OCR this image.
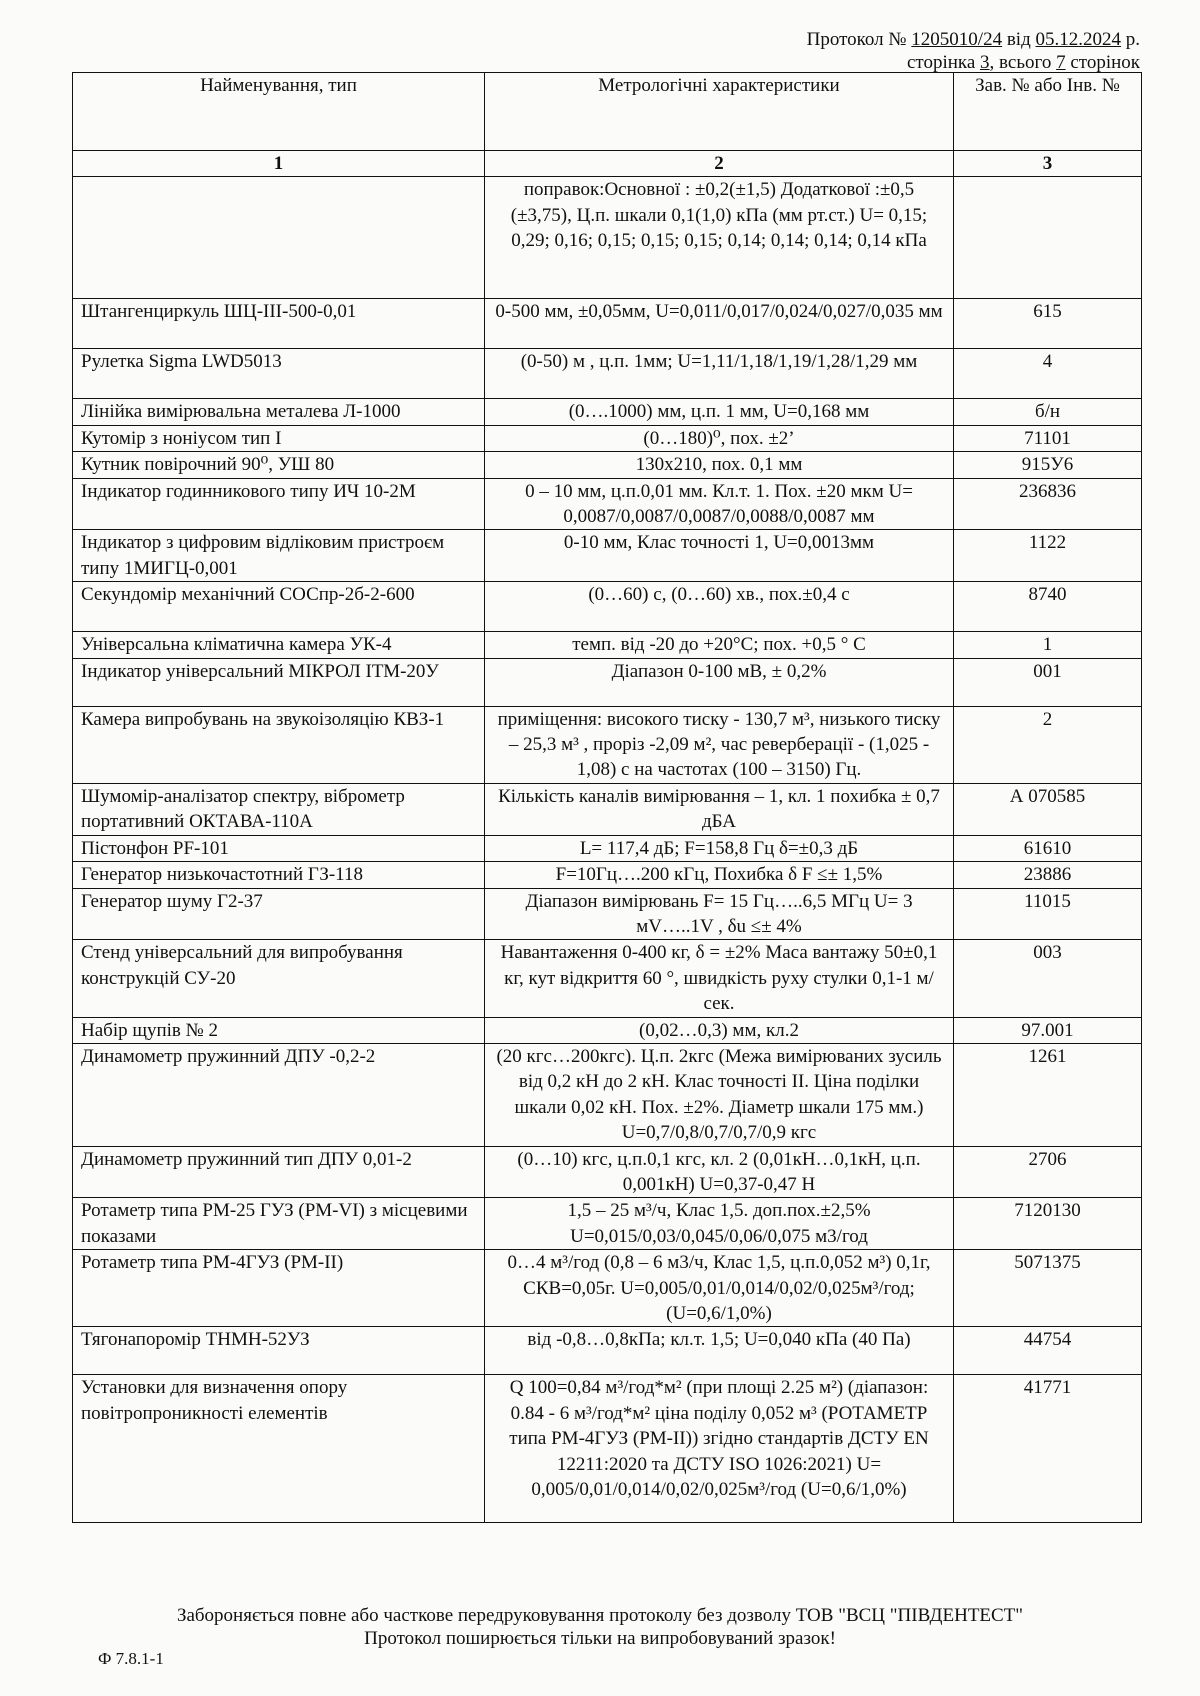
Протокол № 1205010/24 від 05.12.2024 р.
сторінка 3, всього 7 сторінок
Найменування, тип	Метрологічні характеристики	Зав. № або Інв. №
1	2	3
	поправок:Основної : ±0,2(±1,5) Додаткової :±0,5 (±3,75), Ц.п. шкали 0,1(1,0) кПа (мм рт.ст.) U= 0,15; 0,29; 0,16; 0,15; 0,15; 0,15; 0,14; 0,14; 0,14; 0,14 кПа	
Штангенциркуль ШЦ-ІІІ-500-0,01	0-500 мм, ±0,05мм, U=0,011/0,017/0,024/0,027/0,035 мм	615
Рулетка Sigma LWD5013	(0-50) м , ц.п. 1мм; U=1,11/1,18/1,19/1,28/1,29 мм	4
Лінійка вимірювальна металева Л-1000	(0….1000) мм, ц.п. 1 мм, U=0,168 мм	б/н
Кутомір з ноніусом тип І	(0…180)⁰, пох. ±2’	71101
Кутник повірочний 90⁰, УШ 80	130х210, пох. 0,1 мм	915У6
Індикатор годинникового типу ИЧ 10-2М	0 – 10 мм, ц.п.0,01 мм. Кл.т. 1. Пох. ±20 мкм U= 0,0087/0,0087/0,0087/0,0088/0,0087 мм	236836
Індикатор з цифровим відліковим пристроєм типу 1МИГЦ-0,001	0-10 мм, Клас точності 1, U=0,0013мм	1122
Секундомір механічний СОСпр-2б-2-600	(0…60) с, (0…60) хв., пох.±0,4 с	8740
Універсальна кліматична камера УК-4	темп. від -20 до +20°С; пох. +0,5 ° С	1
Індикатор універсальний МІКРОЛ ІТМ-20У	Діапазон 0-100 мВ, ± 0,2%	001
Камера випробувань на звукоізоляцію КВЗ-1	приміщення: високого тиску - 130,7 м³, низького тиску – 25,3 м³ , проріз -2,09 м², час реверберації - (1,025 - 1,08) с на частотах (100 – 3150) Гц.	2
Шумомір-аналізатор спектру, віброметр портативний ОКТАВА-110А	Кількість каналів вимірювання – 1, кл. 1 похибка ± 0,7 дБА	А 070585
Пістонфон PF-101	L= 117,4 дБ; F=158,8 Гц δ=±0,3 дБ	61610
Генератор низькочастотний ГЗ-118	F=10Гц….200 кГц, Похибка δ F ≤± 1,5%	23886
Генератор шуму Г2-37	Діапазон вимірювань F= 15 Гц…..6,5 МГц U= 3 мV…..1V , δu ≤± 4%	11015
Стенд універсальний для випробування конструкцій СУ-20	Навантаження 0-400 кг, δ = ±2% Маса вантажу 50±0,1 кг, кут відкриття 60 °, швидкість руху стулки 0,1-1 м/сек.	003
Набір щупів № 2	(0,02…0,3) мм, кл.2	97.001
Динамометр пружинний ДПУ -0,2-2	(20 кгс…200кгс). Ц.п. 2кгс (Межа вимірюваних зусиль від 0,2 кН до 2 кН. Клас точності ІІ. Ціна поділки шкали 0,02 кН. Пох. ±2%. Діаметр шкали 175 мм.) U=0,7/0,8/0,7/0,7/0,9 кгс	1261
Динамометр пружинний тип ДПУ 0,01-2	(0…10) кгс, ц.п.0,1 кгс, кл. 2 (0,01кН…0,1кН, ц.п. 0,001кН) U=0,37-0,47 Н	2706
Ротаметр типа РМ-25 ГУЗ (РМ-VI) з місцевими показами	1,5 – 25 м³/ч, Клас 1,5. доп.пох.±2,5% U=0,015/0,03/0,045/0,06/0,075 м3/год	7120130
Ротаметр типа РМ-4ГУЗ (РМ-ІІ)	0…4 м³/год (0,8 – 6 м3/ч, Клас 1,5, ц.п.0,052 м³) 0,1г, СКВ=0,05г. U=0,005/0,01/0,014/0,02/0,025м³/год;(U=0,6/1,0%)	5071375
Тягонапоромір ТНМН-52УЗ	від -0,8…0,8кПа; кл.т. 1,5; U=0,040 кПа (40 Па)	44754
Установки для визначення опору повітропроникності елементів	Q 100=0,84 м³/год*м² (при площі 2.25 м²) (діапазон: 0.84 - 6 м³/год*м² ціна поділу 0,052 м³ (РОТАМЕТР типа РМ-4ГУЗ (РМ-ІІ)) згідно стандартів ДСТУ EN 12211:2020 та ДСТУ ISO 1026:2021) U= 0,005/0,01/0,014/0,02/0,025м³/год (U=0,6/1,0%)	41771
Забороняється повне або часткове передруковування протоколу без дозволу ТОВ "ВСЦ "ПІВДЕНТЕСТ"
Протокол поширюється тільки на випробовуваний зразок!
Ф 7.8.1-1
